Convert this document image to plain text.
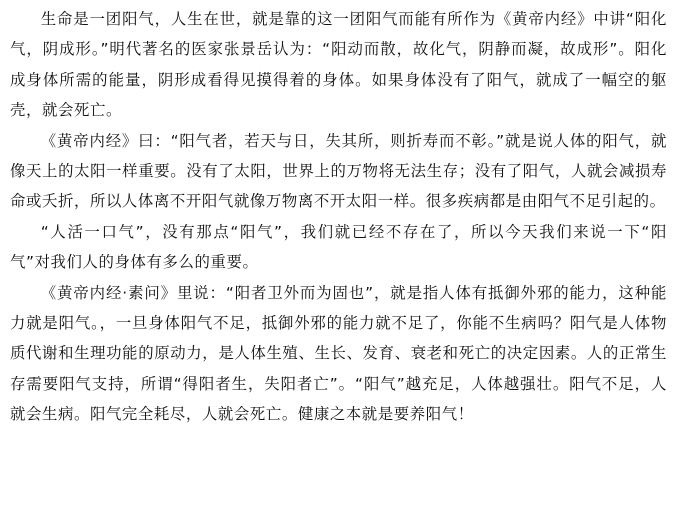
生命是一团阳气，人生在世，就是靠的这一团阳气而能有所作为《黄帝内经》中讲“阳化气，阴成形。”明代著名的医家张景岳认为：“阳动而散，故化气，阴静而凝，故成形”。阳化成身体所需的能量，阴形成看得见摸得着的身体。如果身体没有了阳气，就成了一幅空的躯壳，就会死亡。

《黄帝内经》曰：“阳气者，若天与日，失其所，则折寿而不彰。”就是说人体的阳气，就像天上的太阳一样重要。没有了太阳，世界上的万物将无法生存；没有了阳气，人就会减损寿命或夭折，所以人体离不开阳气就像万物离不开太阳一样。很多疾病都是由阳气不足引起的。

“人活一口气”，没有那点“阳气”，我们就已经不存在了，所以今天我们来说一下“阳气”对我们人的身体有多么的重要。

《黄帝内经·素问》里说：“阳者卫外而为固也”，就是指人体有抵御外邪的能力，这种能力就是阳气。，一旦身体阳气不足，抵御外邪的能力就不足了，你能不生病吗？阳气是人体物质代谢和生理功能的原动力，是人体生殖、生长、发育、衰老和死亡的决定因素。人的正常生存需要阳气支持，所谓“得阳者生，失阳者亡”。“阳气”越充足，人体越强壮。阳气不足，人就会生病。阳气完全耗尽，人就会死亡。健康之本就是要养阳气！
